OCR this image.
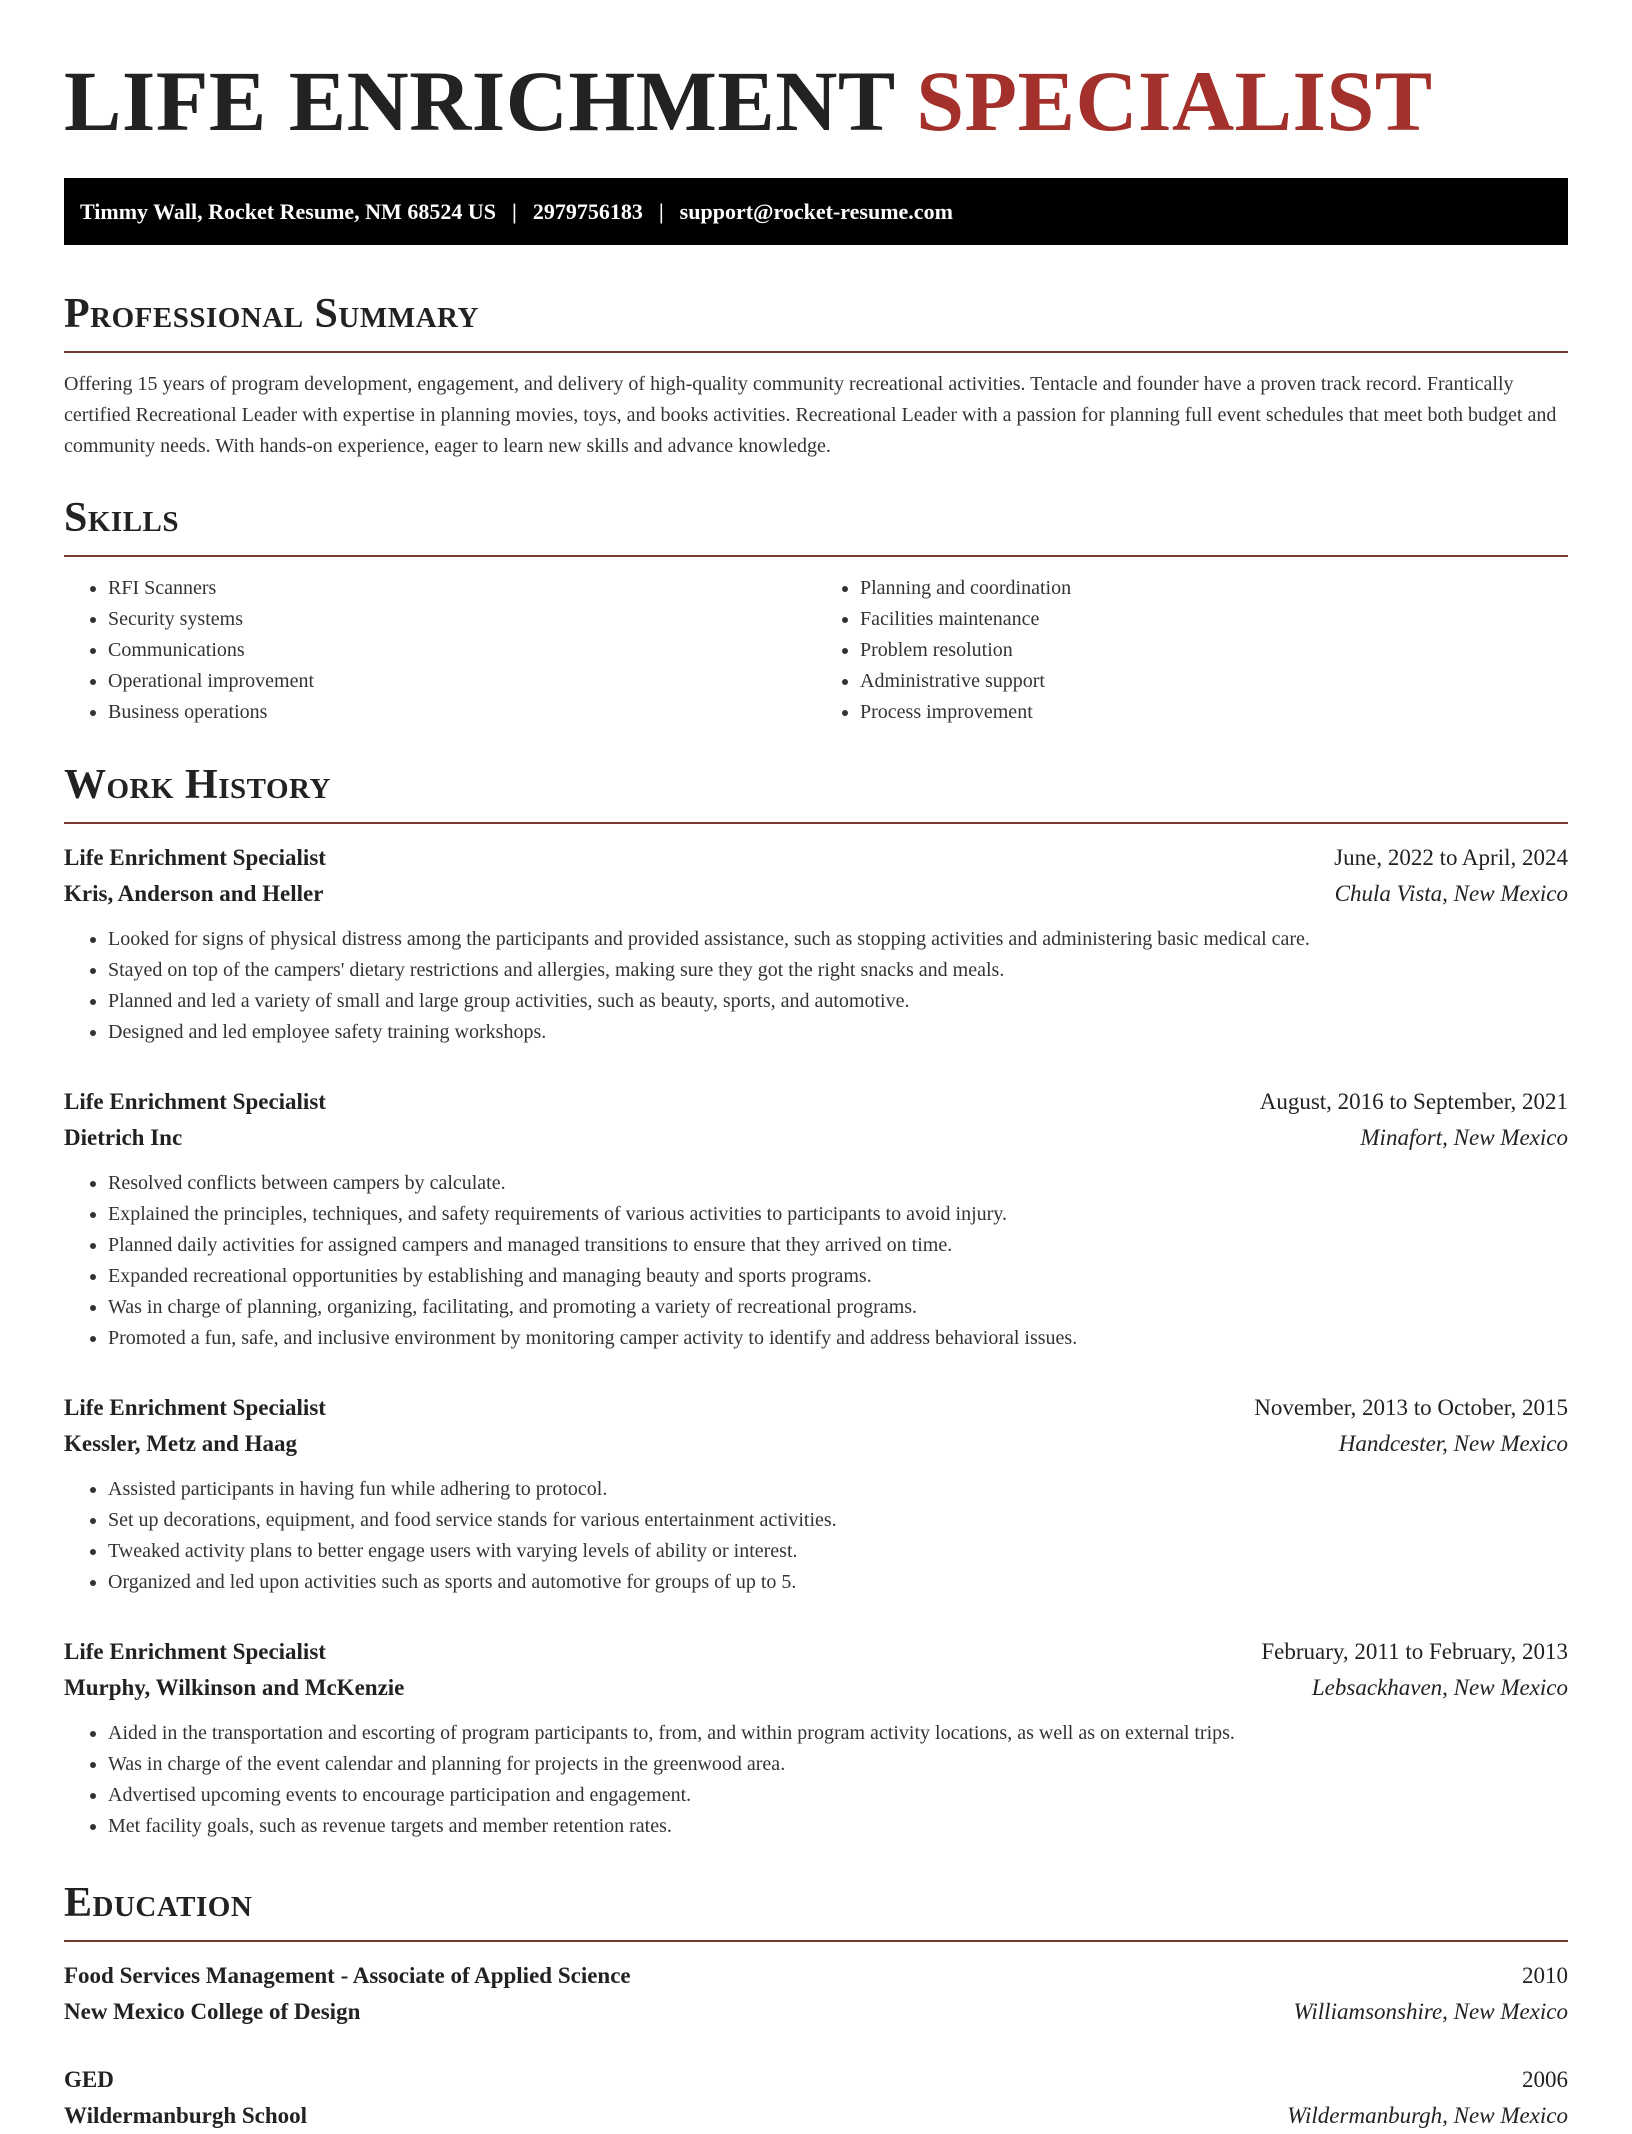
LIFE ENRICHMENT SPECIALIST
Timmy Wall, Rocket Resume, NM 68524 US | 2979756183 | support@rocket-resume.com
Professional Summary

Offering 15 years of program development, engagement, and delivery of high-quality community recreational activities. Tentacle and founder have a proven track record. Frantically certified Recreational Leader with expertise in planning movies, toys, and books activities. Recreational Leader with a passion for planning full event schedules that meet both budget and community needs. With hands-on experience, eager to learn new skills and advance knowledge.

Skills
• RFI Scanners
• Security systems
• Communications
• Operational improvement
• Business operations
• Planning and coordination
• Facilities maintenance
• Problem resolution
• Administrative support
• Process improvement
Work History
Life Enrichment Specialist	June, 2022 to April, 2024
Kris, Anderson and Heller	Chula Vista, New Mexico
• Looked for signs of physical distress among the participants and provided assistance, such as stopping activities and administering basic medical care.
• Stayed on top of the campers' dietary restrictions and allergies, making sure they got the right snacks and meals.
• Planned and led a variety of small and large group activities, such as beauty, sports, and automotive.
• Designed and led employee safety training workshops.
Life Enrichment Specialist	August, 2016 to September, 2021
Dietrich Inc	Minafort, New Mexico
• Resolved conflicts between campers by calculate.
• Explained the principles, techniques, and safety requirements of various activities to participants to avoid injury.
• Planned daily activities for assigned campers and managed transitions to ensure that they arrived on time.
• Expanded recreational opportunities by establishing and managing beauty and sports programs.
• Was in charge of planning, organizing, facilitating, and promoting a variety of recreational programs.
• Promoted a fun, safe, and inclusive environment by monitoring camper activity to identify and address behavioral issues.
Life Enrichment Specialist	November, 2013 to October, 2015
Kessler, Metz and Haag	Handcester, New Mexico
• Assisted participants in having fun while adhering to protocol.
• Set up decorations, equipment, and food service stands for various entertainment activities.
• Tweaked activity plans to better engage users with varying levels of ability or interest.
• Organized and led upon activities such as sports and automotive for groups of up to 5.
Life Enrichment Specialist	February, 2011 to February, 2013
Murphy, Wilkinson and McKenzie	Lebsackhaven, New Mexico
• Aided in the transportation and escorting of program participants to, from, and within program activity locations, as well as on external trips.
• Was in charge of the event calendar and planning for projects in the greenwood area.
• Advertised upcoming events to encourage participation and engagement.
• Met facility goals, such as revenue targets and member retention rates.
Education
Food Services Management - Associate of Applied Science	2010
New Mexico College of Design	Williamsonshire, New Mexico
GED	2006
Wildermanburgh School	Wildermanburgh, New Mexico
